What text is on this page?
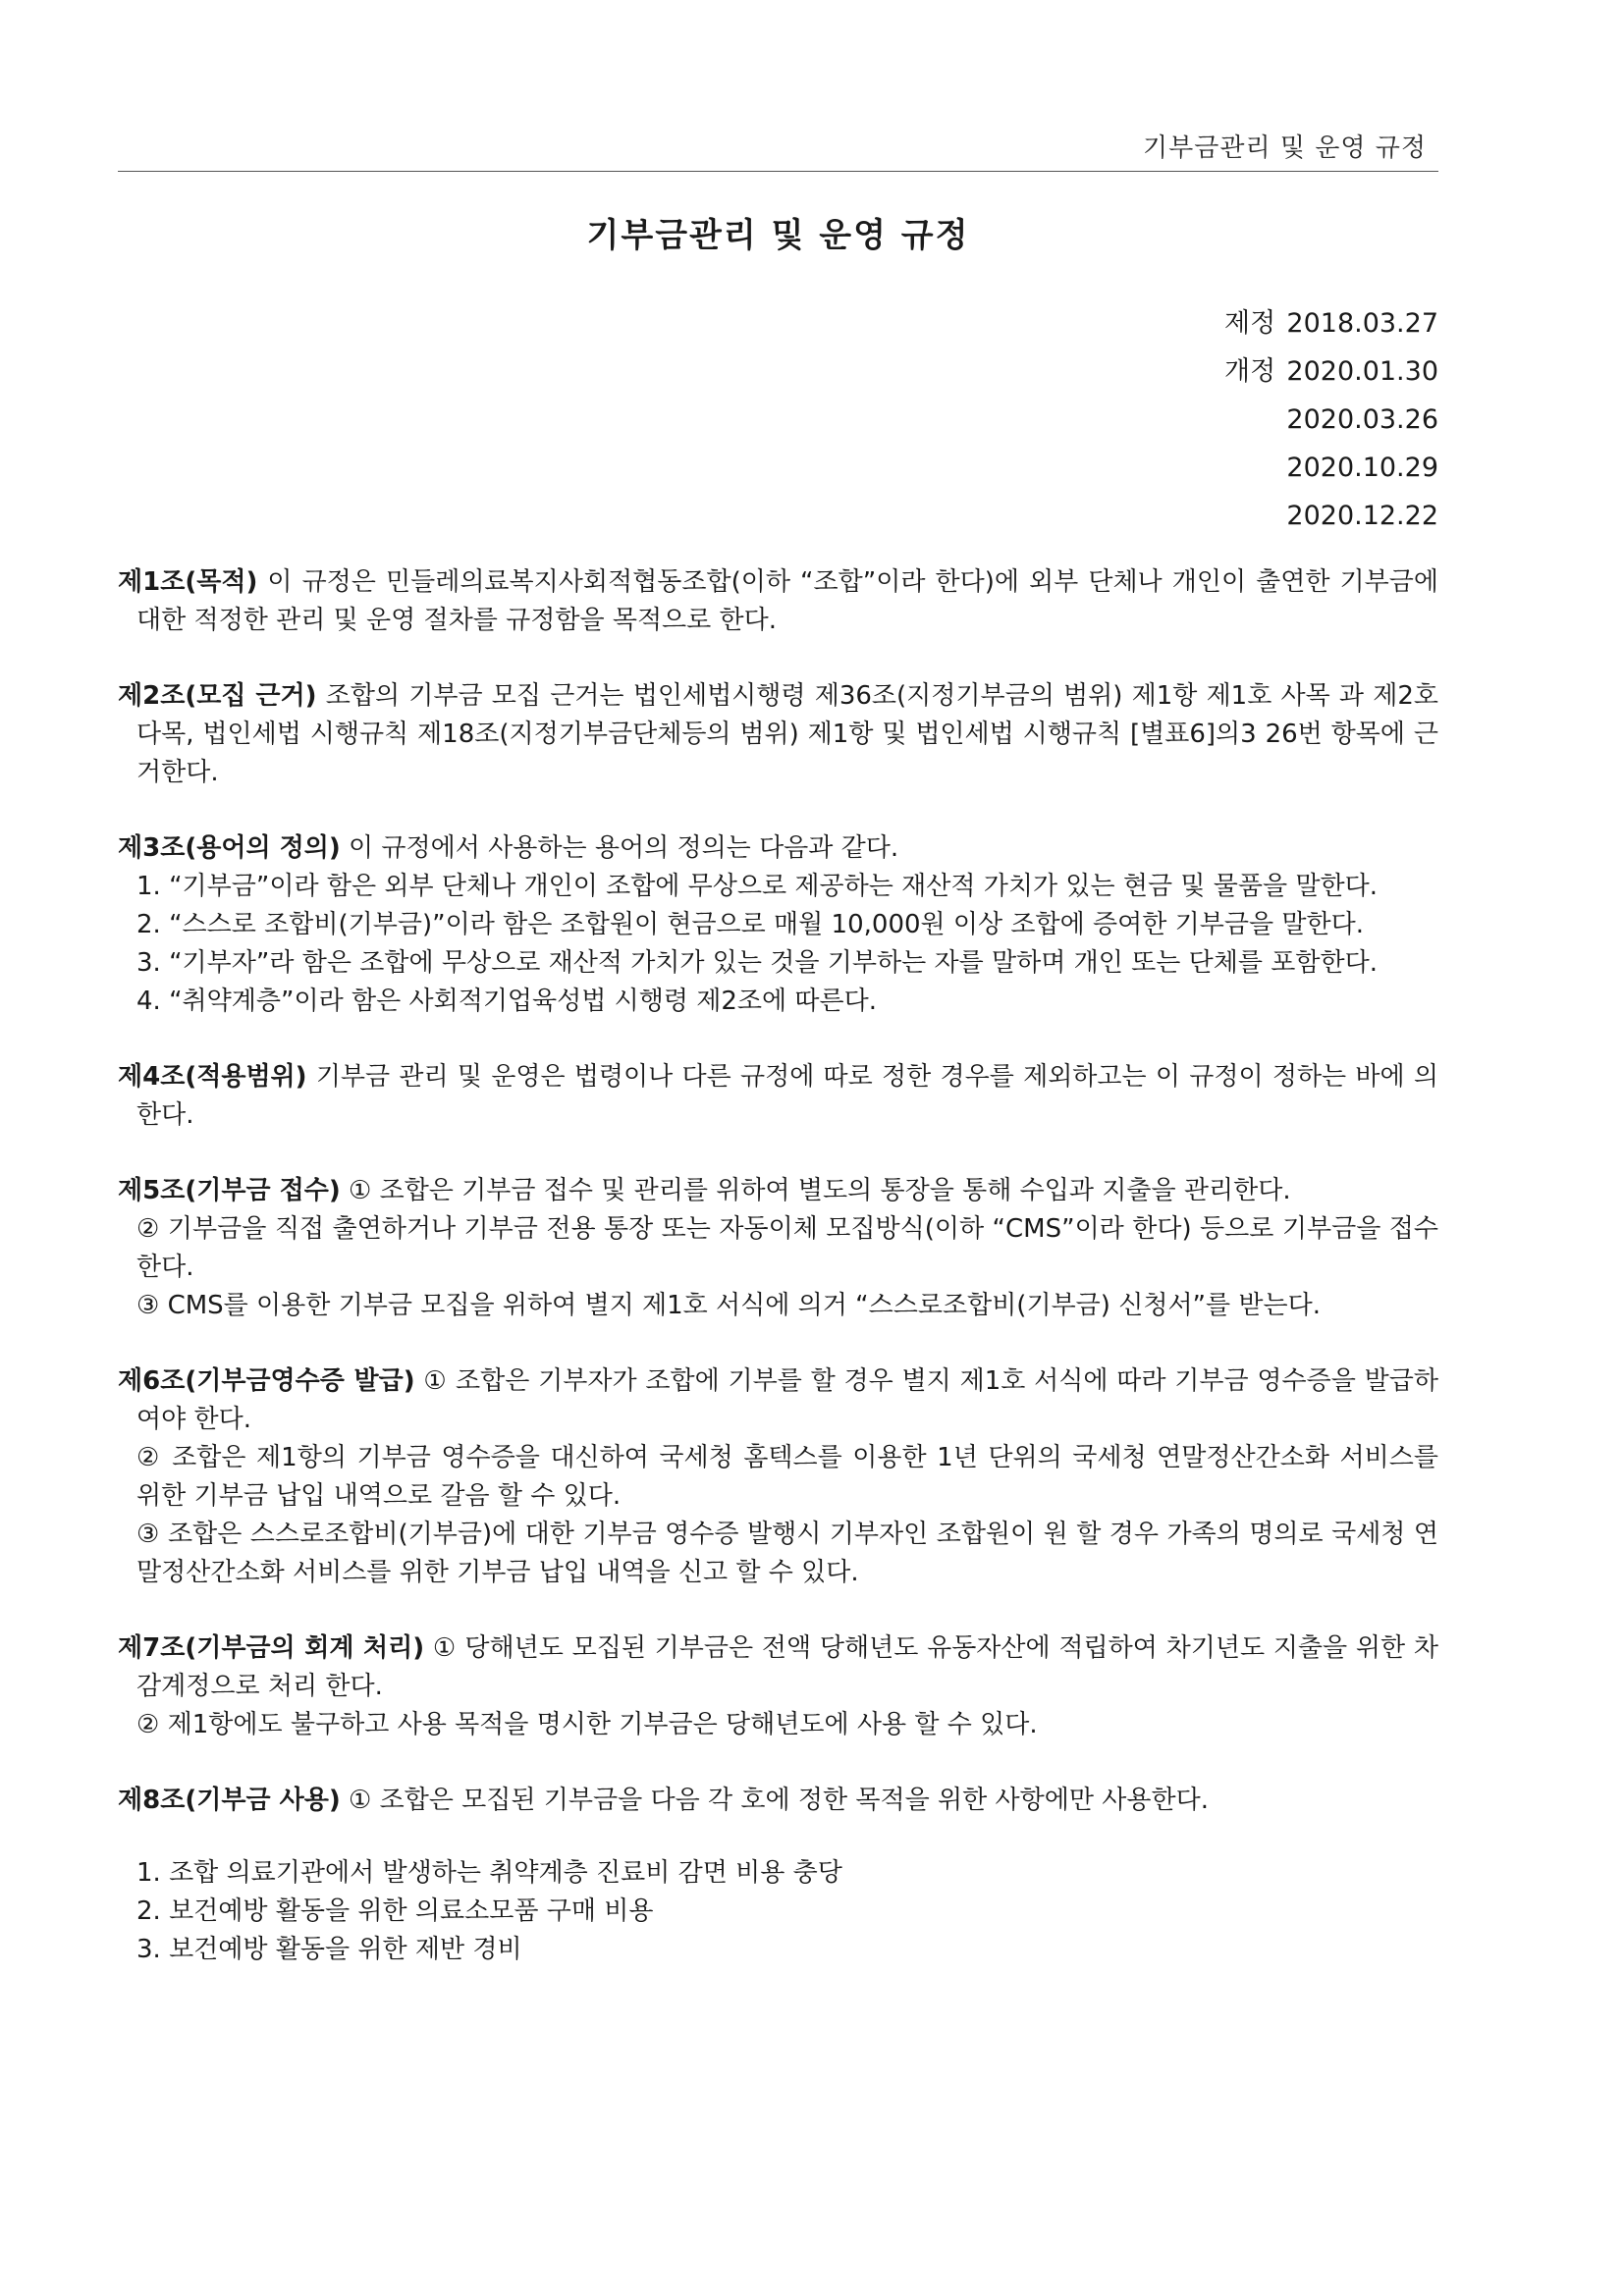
기부금관리 및 운영 규정
기부금관리 및 운영 규정
제정 2018.03.27
개정 2020.01.30
2020.03.26
2020.10.29
2020.12.22
제1조(목적) 이 규정은 민들레의료복지사회적협동조합(이하 “조합”이라 한다)에 외부 단체나 개인이 출연한 기부금에 대한 적정한 관리 및 운영 절차를 규정함을 목적으로 한다.
제2조(모집 근거) 조합의 기부금 모집 근거는 법인세법시행령 제36조(지정기부금의 범위) 제1항 제1호 사목 과 제2호 다목, 법인세법 시행규칙 제18조(지정기부금단체등의 범위) 제1항 및 법인세법 시행규칙 [별표6]의3 26번 항목에 근거한다.
제3조(용어의 정의) 이 규정에서 사용하는 용어의 정의는 다음과 같다.
1. “기부금”이라 함은 외부 단체나 개인이 조합에 무상으로 제공하는 재산적 가치가 있는 현금 및 물품을 말한다.
2. “스스로 조합비(기부금)”이라 함은 조합원이 현금으로 매월 10,000원 이상 조합에 증여한 기부금을 말한다.
3. “기부자”라 함은 조합에 무상으로 재산적 가치가 있는 것을 기부하는 자를 말하며 개인 또는 단체를 포함한다.
4. “취약계층”이라 함은 사회적기업육성법 시행령 제2조에 따른다.
제4조(적용범위) 기부금 관리 및 운영은 법령이나 다른 규정에 따로 정한 경우를 제외하고는 이 규정이 정하는 바에 의한다.
제5조(기부금 접수) ① 조합은 기부금 접수 및 관리를 위하여 별도의 통장을 통해 수입과 지출을 관리한다.
② 기부금을 직접 출연하거나 기부금 전용 통장 또는 자동이체 모집방식(이하 “CMS”이라 한다) 등으로 기부금을 접수 한다.
③ CMS를 이용한 기부금 모집을 위하여 별지 제1호 서식에 의거 “스스로조합비(기부금) 신청서”를 받는다.
제6조(기부금영수증 발급) ① 조합은 기부자가 조합에 기부를 할 경우 별지 제1호 서식에 따라 기부금 영수증을 발급하여야 한다.
② 조합은 제1항의 기부금 영수증을 대신하여 국세청 홈텍스를 이용한 1년 단위의 국세청 연말정산간소화 서비스를 위한 기부금 납입 내역으로 갈음 할 수 있다.
③ 조합은 스스로조합비(기부금)에 대한 기부금 영수증 발행시 기부자인 조합원이 원 할 경우 가족의 명의로 국세청 연말정산간소화 서비스를 위한 기부금 납입 내역을 신고 할 수 있다.
제7조(기부금의 회계 처리) ① 당해년도 모집된 기부금은 전액 당해년도 유동자산에 적립하여 차기년도 지출을 위한 차감계정으로 처리 한다.
② 제1항에도 불구하고 사용 목적을 명시한 기부금은 당해년도에 사용 할 수 있다.
제8조(기부금 사용) ① 조합은 모집된 기부금을 다음 각 호에 정한 목적을 위한 사항에만 사용한다.
1. 조합 의료기관에서 발생하는 취약계층 진료비 감면 비용 충당
2. 보건예방 활동을 위한 의료소모품 구매 비용
3. 보건예방 활동을 위한 제반 경비
